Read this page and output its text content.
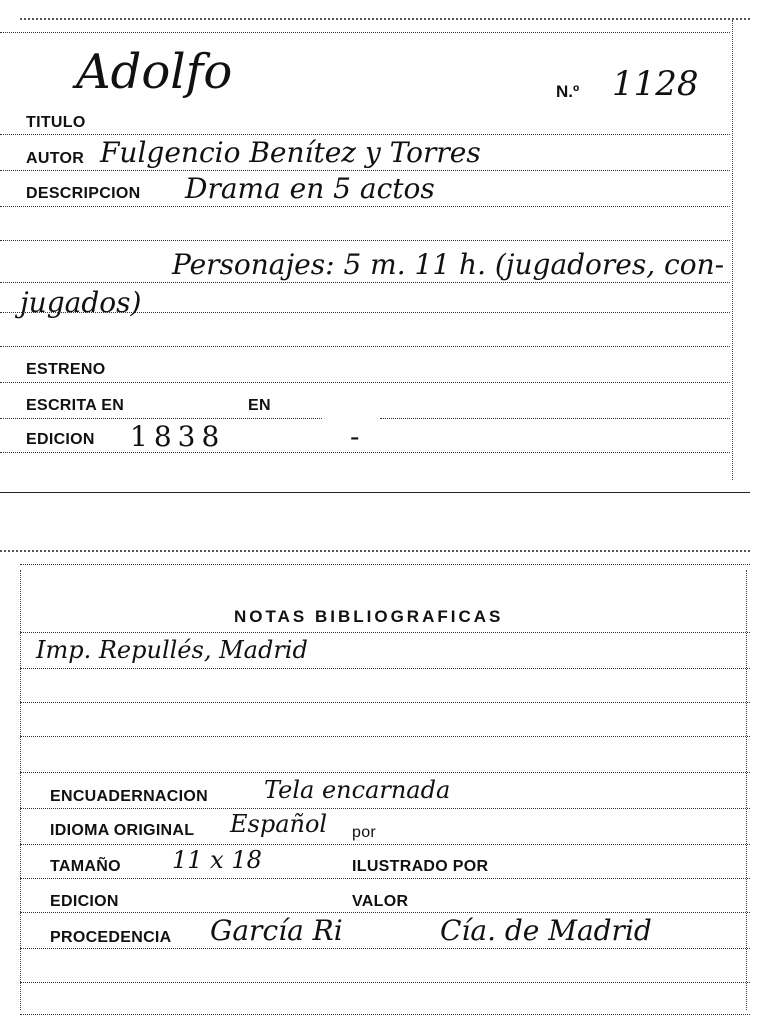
Adolfo	N.º 1128
TITULO
AUTOR Fulgencio Benítez y Torres
DESCRIPCION Drama en 5 actos
Personajes: 5 m. 11 h. (jugadores, con-
jugados)
ESTRENO
ESCRITA EN	EN
EDICION 1838	-
NOTAS BIBLIOGRAFICAS
Imp. Repullés, Madrid
ENCUADERNACION Tela encarnada
IDIOMA ORIGINAL Español por
TAMAÑO 11 x 18	ILUSTRADO POR
EDICION	VALOR
PROCEDENCIA García Ri	Cía. de Madrid
